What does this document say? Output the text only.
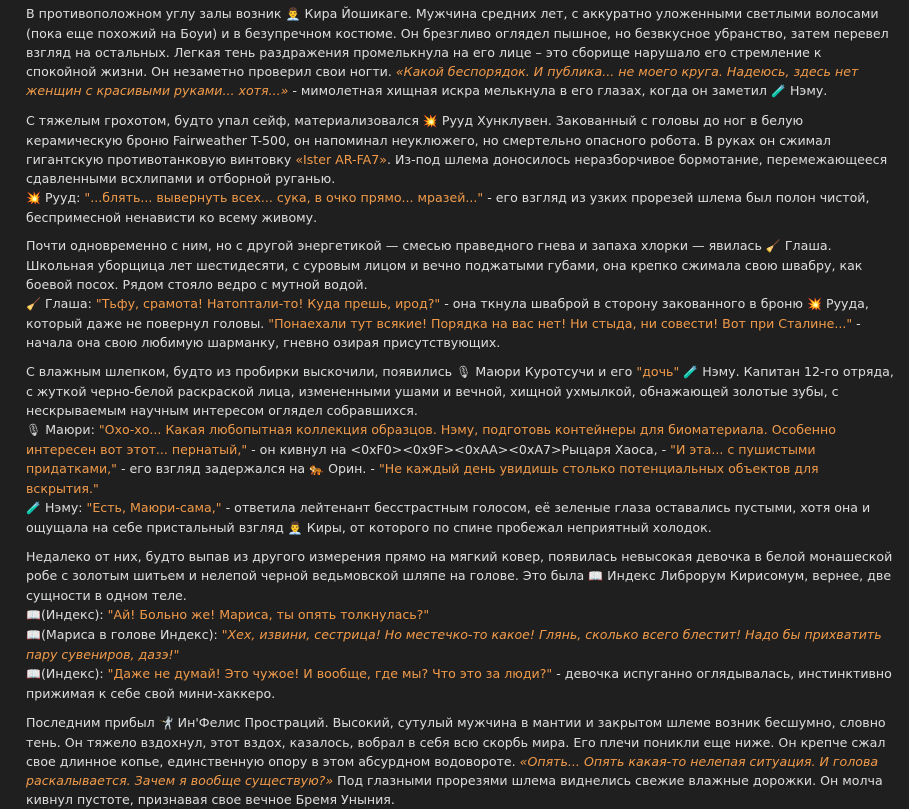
В противоположном углу залы возник 👨‍💼 Кира Йошикаге. Мужчина средних лет, с аккуратно уложенными светлыми волосами (пока еще похожий на Боуи) и в безупречном костюме. Он брезгливо оглядел пышное, но безвкусное убранство, затем перевел взгляд на остальных. Легкая тень раздражения промелькнула на его лице – это сборище нарушало его стремление к спокойной жизни. Он незаметно проверил свои ногти. «Какой беспорядок. И публика... не моего круга. Надеюсь, здесь нет женщин с красивыми руками... хотя...» - мимолетная хищная искра мелькнула в его глазах, когда он заметил 🧪 Нэму.

С тяжелым грохотом, будто упал сейф, материализовался 💥 Рууд Хунклувен. Закованный с головы до ног в белую керамическую броню Fairweather T-500, он напоминал неуклюжего, но смертельно опасного робота. В руках он сжимал гигантскую противотанковую винтовку «Ister AR-FA7». Из-под шлема доносилось неразборчивое бормотание, перемежающееся сдавленными всхлипами и отборной руганью.
💥 Рууд: "...блять... вывернуть всех... сука, в очко прямо... мразей..." - его взгляд из узких прорезей шлема был полон чистой, беспримесной ненависти ко всему живому.

Почти одновременно с ним, но с другой энергетикой — смесью праведного гнева и запаха хлорки — явилась 🧹 Глаша. Школьная уборщица лет шестидесяти, с суровым лицом и вечно поджатыми губами, она крепко сжимала свою швабру, как боевой посох. Рядом стояло ведро с мутной водой.
🧹 Глаша: "Тьфу, срамота! Натоптали-то! Куда прешь, ирод?" - она ткнула шваброй в сторону закованного в броню 💥 Рууда, который даже не повернул головы. "Понаехали тут всякие! Порядка на вас нет! Ни стыда, ни совести! Вот при Сталине..." - начала она свою любимую шарманку, гневно озирая присутствующих.

С влажным шлепком, будто из пробирки выскочили, появились 🎙 Маюри Куротсучи и его "дочь" 🧪 Нэму. Капитан 12-го отряда, с жуткой черно-белой раскраской лица, измененными ушами и вечной, хищной ухмылкой, обнажающей золотые зубы, с нескрываемым научным интересом оглядел собравшихся.
🎙 Маюри: "Охо-хо... Какая любопытная коллекция образцов. Нэму, подготовь контейнеры для биоматериала. Особенно интересен вот этот... пернатый," - он кивнул на <0xF0><0x9F><0xAA><0xA7>Рыцаря Хаоса, - "И эта... с пушистыми придатками," - его взгляд задержался на 🐅 Орин. - "Не каждый день увидишь столько потенциальных объектов для вскрытия."
🧪 Нэму: "Есть, Маюри-сама," - ответила лейтенант бесстрастным голосом, её зеленые глаза оставались пустыми, хотя она и ощущала на себе пристальный взгляд 👨‍💼 Киры, от которого по спине пробежал неприятный холодок.

Недалеко от них, будто выпав из другого измерения прямо на мягкий ковер, появилась невысокая девочка в белой монашеской робе с золотым шитьем и нелепой черной ведьмовской шляпе на голове. Это была 📖 Индекс Либрорум Кирисомум, вернее, две сущности в одном теле.
📖(Индекс): "Ай! Больно же! Мариса, ты опять толкнулась?"
📖(Мариса в голове Индекс): "Хех, извини, сестрица! Но местечко-то какое! Глянь, сколько всего блестит! Надо бы прихватить пару сувениров, дазэ!"
📖(Индекс): "Даже не думай! Это чужое! И вообще, где мы? Что это за люди?" - девочка испуганно оглядывалась, инстинктивно прижимая к себе свой мини-хаккеро.

Последним прибыл 🤺 Ин'Фелис Прострaций. Высокий, сутулый мужчина в мантии и закрытом шлеме возник бесшумно, словно тень. Он тяжело вздохнул, этот вздох, казалось, вобрал в себя всю скорбь мира. Его плечи поникли еще ниже. Он крепче сжал свое длинное копье, единственную опору в этом абсурдном водовороте. «Опять... Опять какая-то нелепая ситуация. И голова раскалывается. Зачем я вообще существую?» Под глазными прорезями шлема виднелись свежие влажные дорожки. Он молча кивнул пустоте, признавая свое вечное Бремя Уныния.
